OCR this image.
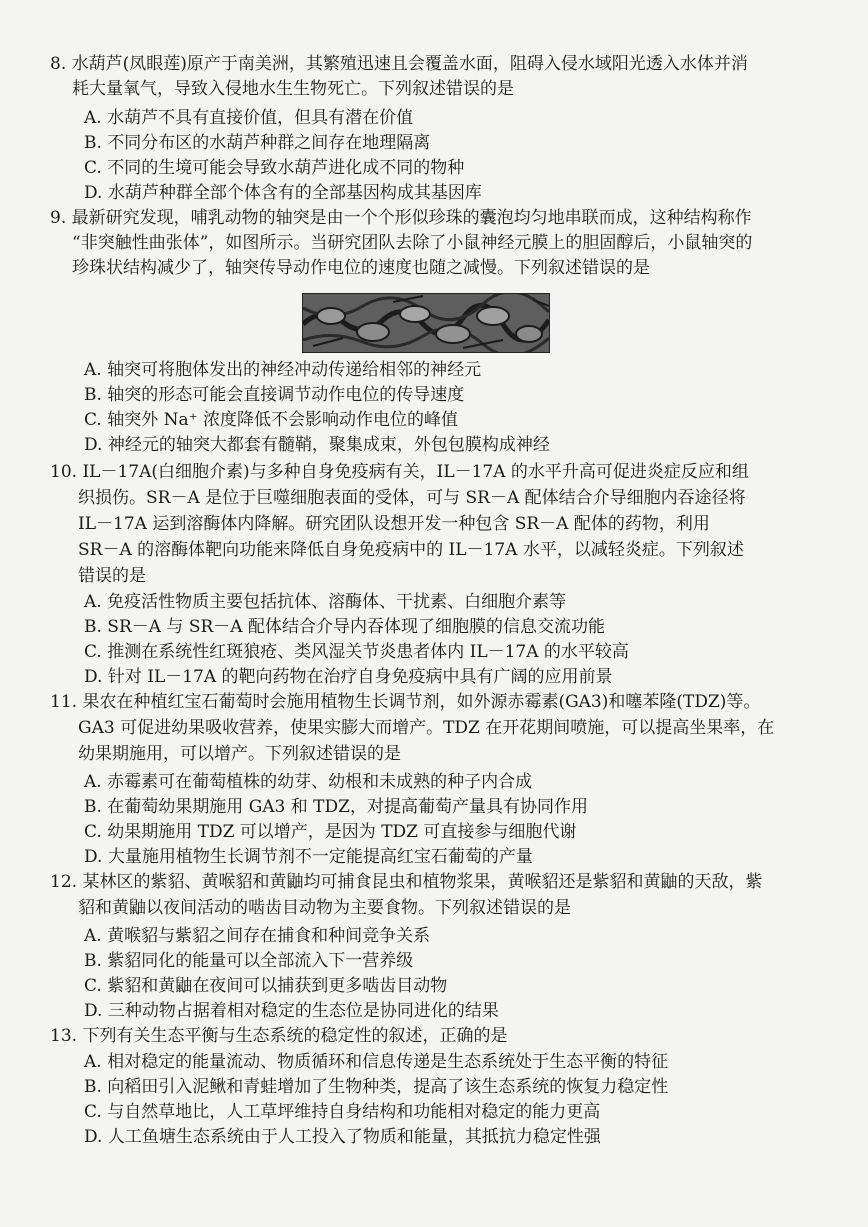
8. 水葫芦(凤眼莲)原产于南美洲，其繁殖迅速且会覆盖水面，阻碍入侵水域阳光透入水体并消
耗大量氧气，导致入侵地水生生物死亡。下列叙述错误 • •的是
A. 水葫芦不具有直接价值，但具有潜在价值
B. 不同分布区的水葫芦种群之间存在地理隔离
C. 不同的生境可能会导致水葫芦进化成不同的物种
D. 水葫芦种群全部个体含有的全部基因构成其基因库
9. 最新研究发现，哺乳动物的轴突是由一个个形似珍珠的囊泡均匀地串联而成，这种结构称作
“非突触性曲张体”，如图所示。当研究团队去除了小鼠神经元膜上的胆固醇后，小鼠轴突的
珍珠状结构减少了，轴突传导动作电位的速度也随之减慢。下列叙述错误 • •的是
A. 轴突可将胞体发出的神经冲动传递给相邻的神经元
B. 轴突的形态可能会直接调节动作电位的传导速度
C. 轴突外 Na⁺ 浓度降低不会影响动作电位的峰值
D. 神经元的轴突大都套有髓鞘，聚集成束，外包包膜构成神经
10. IL－17A(白细胞介素)与多种自身免疫病有关，IL－17A 的水平升高可促进炎症反应和组
织损伤。SR－A 是位于巨噬细胞表面的受体，可与 SR－A 配体结合介导细胞内吞途径将
IL－17A 运到溶酶体内降解。研究团队设想开发一种包含 SR－A 配体的药物，利用
SR－A 的溶酶体靶向功能来降低自身免疫病中的 IL－17A 水平，以减轻炎症。下列叙述
错误 • •的是
A. 免疫活性物质主要包括抗体、溶酶体、干扰素、白细胞介素等
B. SR－A 与 SR－A 配体结合介导内吞体现了细胞膜的信息交流功能
C. 推测在系统性红斑狼疮、类风湿关节炎患者体内 IL－17A 的水平较高
D. 针对 IL－17A 的靶向药物在治疗自身免疫病中具有广阔的应用前景
11. 果农在种植红宝石葡萄时会施用植物生长调节剂，如外源赤霉素(GA3)和噻苯隆(TDZ)等。
GA3 可促进幼果吸收营养，使果实膨大而增产。TDZ 在开花期间喷施，可以提高坐果率，在
幼果期施用，可以增产。下列叙述错误 • •的是
A. 赤霉素可在葡萄植株的幼芽、幼根和未成熟的种子内合成
B. 在葡萄幼果期施用 GA3 和 TDZ，对提高葡萄产量具有协同作用
C. 幼果期施用 TDZ 可以增产，是因为 TDZ 可直接参与细胞代谢
D. 大量施用植物生长调节剂不一定能提高红宝石葡萄的产量
12. 某林区的紫貂、黄喉貂和黄鼬均可捕食昆虫和植物浆果，黄喉貂还是紫貂和黄鼬的天敌，紫
貂和黄鼬以夜间活动的啮齿目动物为主要食物。下列叙述错误 • •的是
A. 黄喉貂与紫貂之间存在捕食和种间竞争关系
B. 紫貂同化的能量可以全部流入下一营养级
C. 紫貂和黄鼬在夜间可以捕获到更多啮齿目动物
D. 三种动物占据着相对稳定的生态位是协同进化的结果
13. 下列有关生态平衡与生态系统的稳定性的叙述，正确的是
A. 相对稳定的能量流动、物质循环和信息传递是生态系统处于生态平衡的特征
B. 向稻田引入泥鳅和青蛙增加了生物种类，提高了该生态系统的恢复力稳定性
C. 与自然草地比，人工草坪维持自身结构和功能相对稳定的能力更高
D. 人工鱼塘生态系统由于人工投入了物质和能量，其抵抗力稳定性强
